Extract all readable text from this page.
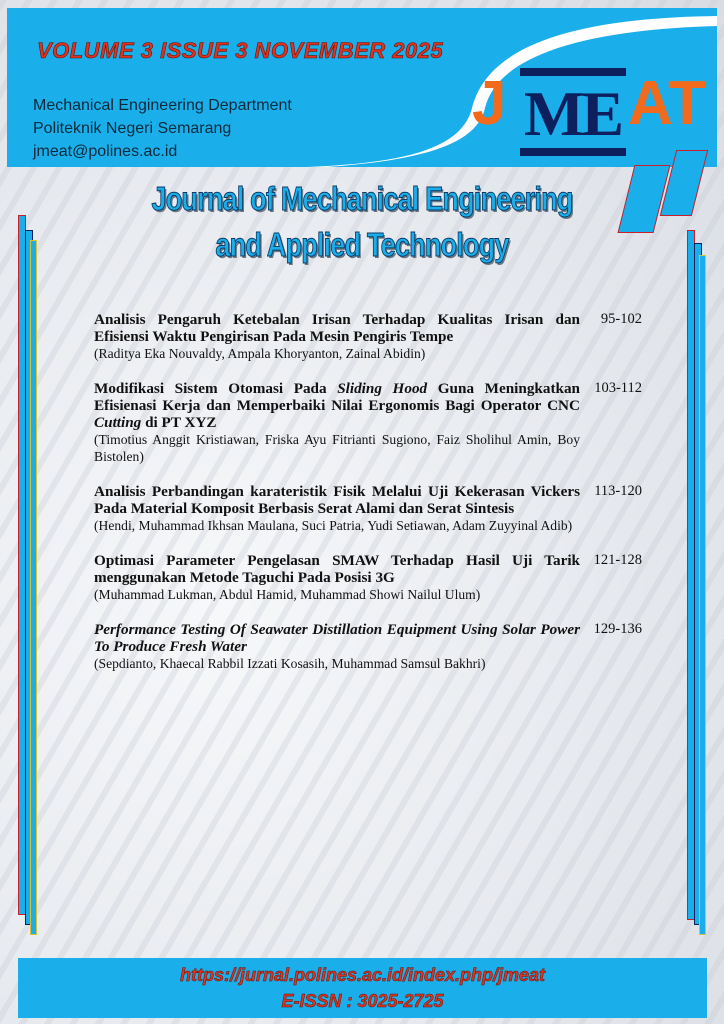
VOLUME 3 ISSUE 3 NOVEMBER 2025
Mechanical Engineering Department
Politeknik Negeri Semarang
jmeat@polines.ac.id
J ME AT
Journal of Mechanical Engineering
and Applied Technology
Analisis Pengaruh Ketebalan Irisan Terhadap Kualitas Irisan dan Efisiensi Waktu Pengirisan Pada Mesin Pengiris Tempe
(Raditya Eka Nouvaldy, Ampala Khoryanton, Zainal Abidin)
95-102
Modifikasi Sistem Otomasi Pada Sliding Hood Guna Meningkatkan Efisienasi Kerja dan Memperbaiki Nilai Ergonomis Bagi Operator CNC Cutting di PT XYZ
(Timotius Anggit Kristiawan, Friska Ayu Fitrianti Sugiono, Faiz Sholihul Amin, Boy Bistolen)
103-112
Analisis Perbandingan karateristik Fisik Melalui Uji Kekerasan Vickers Pada Material Komposit Berbasis Serat Alami dan Serat Sintesis
(Hendi, Muhammad Ikhsan Maulana, Suci Patria, Yudi Setiawan, Adam Zuyyinal Adib)
113-120
Optimasi Parameter Pengelasan SMAW Terhadap Hasil Uji Tarik menggunakan Metode Taguchi Pada Posisi 3G
(Muhammad Lukman, Abdul Hamid, Muhammad Showi Nailul Ulum)
121-128
Performance Testing Of Seawater Distillation Equipment Using Solar Power To Produce Fresh Water
(Sepdianto, Khaecal Rabbil Izzati Kosasih, Muhammad Samsul Bakhri)
129-136
https://jurnal.polines.ac.id/index.php/jmeat
E-ISSN : 3025-2725
